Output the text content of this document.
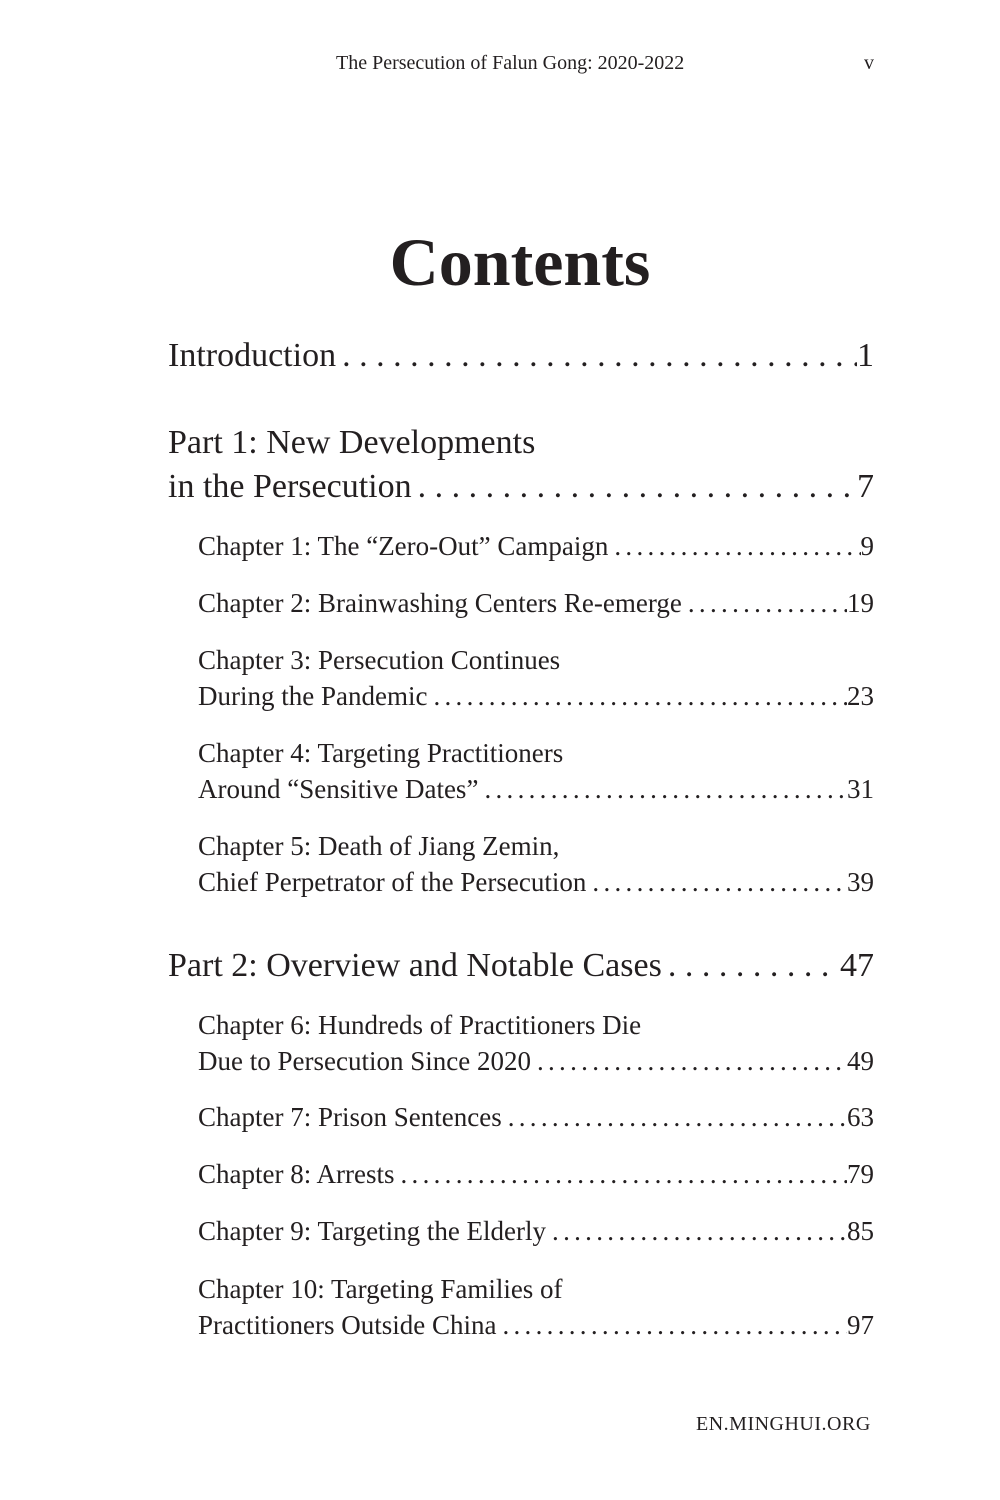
The Persecution of Falun Gong: 2020-2022	v
Contents
Introduction . . .	1
Part 1: New Developments
in the Persecution . . .	7
Chapter 1: The “Zero-Out” Campaign .....	9
Chapter 2: Brainwashing Centers Re-emerge .....	19
Chapter 3: Persecution Continues
During the Pandemic .....	23
Chapter 4: Targeting Practitioners
Around “Sensitive Dates” .....	31
Chapter 5: Death of Jiang Zemin,
Chief Perpetrator of the Persecution .....	39
Part 2: Overview and Notable Cases . . .	47
Chapter 6: Hundreds of Practitioners Die
Due to Persecution Since 2020 .....	49
Chapter 7: Prison Sentences .....	63
Chapter 8: Arrests .....	79
Chapter 9: Targeting the Elderly .....	85
Chapter 10: Targeting Families of
Practitioners Outside China .....	97
EN.MINGHUI.ORG
